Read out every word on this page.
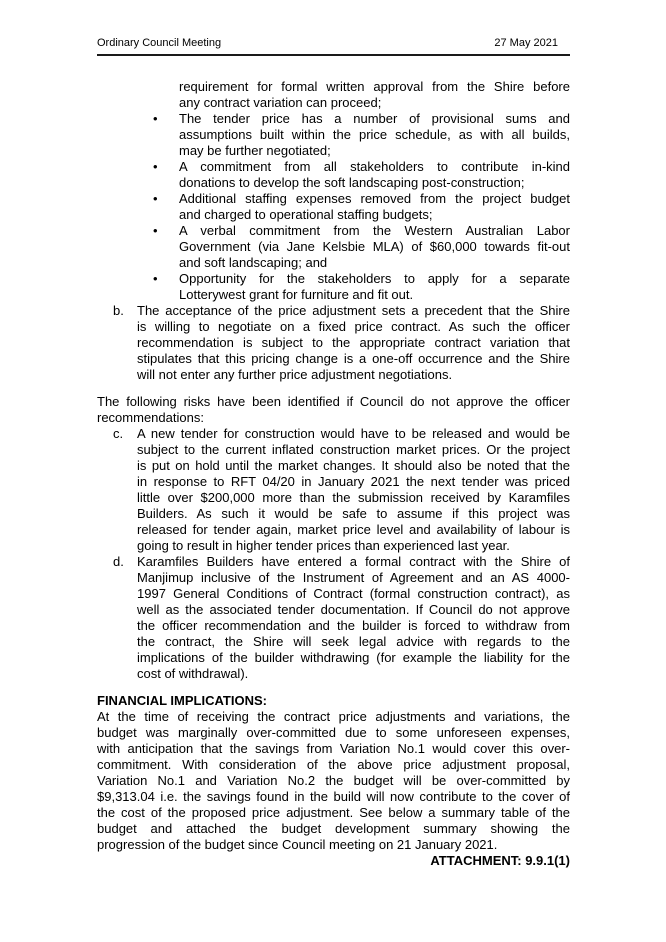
Ordinary Council Meeting	27 May 2021
requirement for formal written approval from the Shire before
any contract variation can proceed;
• The tender price has a number of provisional sums and
assumptions built within the price schedule, as with all builds,
may be further negotiated;
• A commitment from all stakeholders to contribute in-kind
donations to develop the soft landscaping post-construction;
• Additional staffing expenses removed from the project budget
and charged to operational staffing budgets;
• A verbal commitment from the Western Australian Labor
Government (via Jane Kelsbie MLA) of $60,000 towards fit-out
and soft landscaping; and
• Opportunity for the stakeholders to apply for a separate
Lotterywest grant for furniture and fit out.
b. The acceptance of the price adjustment sets a precedent that the Shire
is willing to negotiate on a fixed price contract. As such the officer
recommendation is subject to the appropriate contract variation that
stipulates that this pricing change is a one-off occurrence and the Shire
will not enter any further price adjustment negotiations.
The following risks have been identified if Council do not approve the officer
recommendations:
c. A new tender for construction would have to be released and would be
subject to the current inflated construction market prices. Or the project
is put on hold until the market changes. It should also be noted that the
in response to RFT 04/20 in January 2021 the next tender was priced
little over $200,000 more than the submission received by Karamfiles
Builders. As such it would be safe to assume if this project was
released for tender again, market price level and availability of labour is
going to result in higher tender prices than experienced last year.
d. Karamfiles Builders have entered a formal contract with the Shire of
Manjimup inclusive of the Instrument of Agreement and an AS 4000-
1997 General Conditions of Contract (formal construction contract), as
well as the associated tender documentation. If Council do not approve
the officer recommendation and the builder is forced to withdraw from
the contract, the Shire will seek legal advice with regards to the
implications of the builder withdrawing (for example the liability for the
cost of withdrawal).
FINANCIAL IMPLICATIONS:
At the time of receiving the contract price adjustments and variations, the
budget was marginally over-committed due to some unforeseen expenses,
with anticipation that the savings from Variation No.1 would cover this over-
commitment. With consideration of the above price adjustment proposal,
Variation No.1 and Variation No.2 the budget will be over-committed by
$9,313.04 i.e. the savings found in the build will now contribute to the cover of
the cost of the proposed price adjustment. See below a summary table of the
budget and attached the budget development summary showing the
progression of the budget since Council meeting on 21 January 2021.
ATTACHMENT: 9.9.1(1)
